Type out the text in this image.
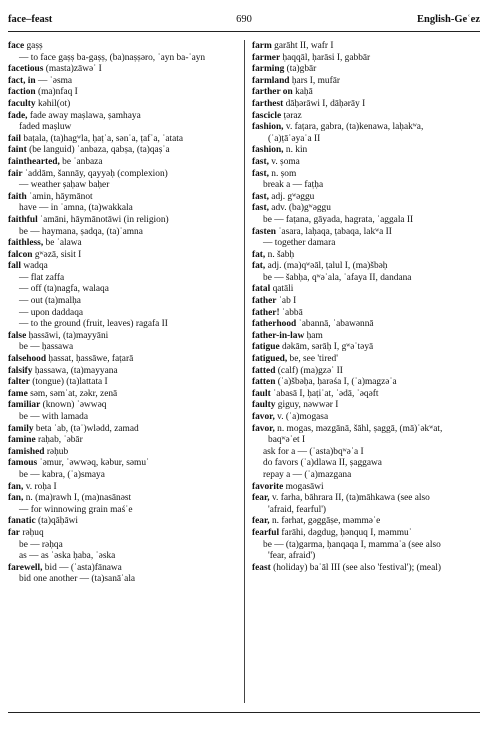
face–feast	690	English-Geʿez
face gaṣṣ
— to face gaṣṣ ba-gaṣṣ, (ba)naṣṣǝro, ʾayn ba-ʾayn
facetious (masta)zāwəʿ I
fact, in — ʾəsma
faction (ma)nfaq I
faculty kəhil(ot)
fade, fade away maṣlawa, ṣamhaya
faded maṣluw
fail baṭala, (ta)hagʷla, ḥaṭʾa, sənʿa, ṭafʾa, ʾatata
faint (be languid) ʾanbaza, qabṣa, (ta)qaṣʿa
fainthearted, be ʾanbaza
fair ʾaddām, šannāy, qayyəḥ (complexion)
— weather ṣaḥaw baḥer
faith ʾamin, hāymānot
have — in ʾamna, (ta)wakkala
faithful ʾamāni, hāymānotāwi (in religion)
be — haymana, ṣadqa, (ta)ʾamna
faithless, be ʿalawa
falcon gʷəzā, sisit I
fall wadqa
— flat zaffa
— off (ta)nagfa, walaqa
— out (ta)malḥa
— upon daddaqa
— to the ground (fruit, leaves) ragafa II
false ḥassāwi, (ta)mayyāni
be — ḥassawa
falsehood ḥassat, ḥassāwe, faṭarā
falsify ḥassawa, (ta)mayyana
falter (tongue) (ta)lattata I
fame səm, səmʿat, zəkr, zenā
familiar (known) ʾəwwəq
be — with lamada
family beta ʾab, (təʾ)wlədd, zamad
famine raḥab, ʾəbār
famished rəḥub
famous ʾəmur, ʾəwwəq, kəbur, səmuʿ
be — kabra, (ʾa)smaya
fan, v. roḥa I
fan, n. (ma)rawh I, (ma)nasānəst
— for winnowing grain maśʿe
fanatic (ta)qāḥāwi
far rəḥuq
be — rəḥqa
as — as ʾəska ḥaba, ʾəska
farewell, bid — (ʾasta)fānawa
bid one another — (ta)sanāʾala
farm garāht II, wafr I
farmer ḥaqqāl, ḥarāsi I, gabbār
farming (ta)gbār
farmland ḥars I, mufār
farther on kaḥā
farthest dāḥərāwi I, dāḥərāy I
fascicle ṭəraz
fashion, v. faṭara, gabra, (ta)kenawa, laḥakʷa,
(ʾa)ṭāʿəyaʿa II
fashion, n. kin
fast, v. ṣoma
fast, n. ṣom
break a — faṭḥa
fast, adj. gʷəggu
fast, adv. (ba)gʷəggu
be — faṭana, gāyada, hagrata, ʾaggala II
fasten ʾasara, laḥaqa, ṭabaqa, lakʷa II
— together damara
fat, n. šabḥ
fat, adj. (ma)qʷəāl, ṭalul I, (ma)šbəḥ
be — šabḥa, qʷəʿala, ʾafaya II, dandana
fatal qatāli
father ʾab I
father! ʾabbā
fatherhood ʾabannā, ʾabawənnā
father-in-law ḥam
fatigue dəkām, sərāḥ I, gʷəʾtəyā
fatigued, be, see 'tired'
fatted (calf) (ma)gzəʾ II
fatten (ʾa)šbəḥa, ḥarəśa I, (ʾa)magzəʾa
fault ʾabasā I, ḥaṭiʾat, ʾədā, ʾəqəft
faulty giguy, nəwwər I
favor, v. (ʾa)mogasa
favor, n. mogas, məzgānā, šāhl, ṣaggā, (mā)ʾəkʷat,
baqʷəʿet I
ask for a — (ʾasta)bqʷəʿa I
do favors (ʾa)dlawa II, ṣaggawa
repay a — (ʾa)mazgana
favorite mogasāwi
fear, v. farha, bāhrara II, (ta)māhkawa (see also
'afraid, fearful')
fear, n. fərhat, gəggāṣe, məmməʿe
fearful farāhi, dəgdug, ḥənquq I, məmmuʿ
be — (ta)garma, ḥanqaqa I, mammaʿa (see also
'fear, afraid')
feast (holiday) baʿāl III (see also 'festival'); (meal)
